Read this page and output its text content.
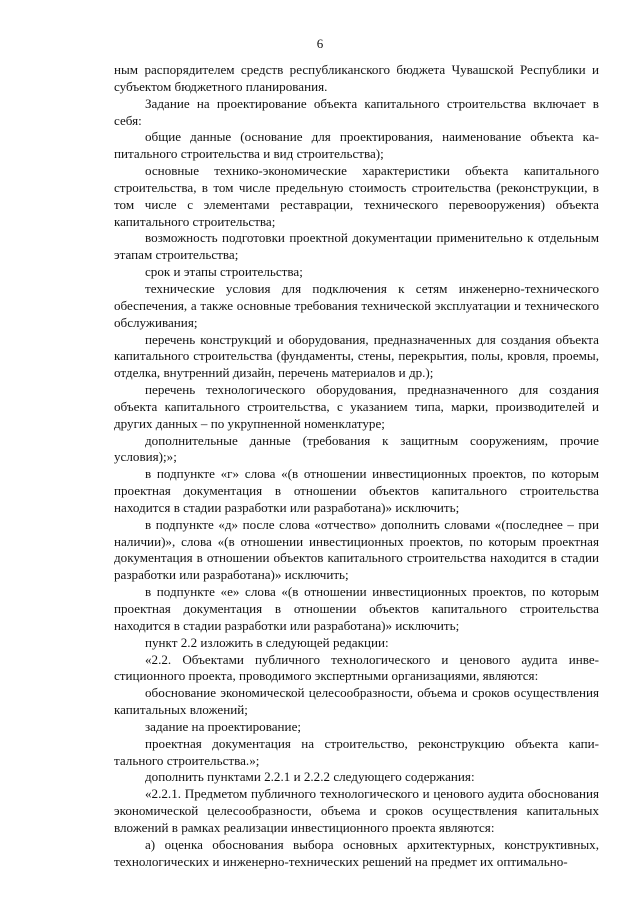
6

ным распорядителем средств республиканского бюджета Чувашской Республики и субъектом бюджетного планирования.

Задание на проектирование объекта капитального строительства включает в себя:

общие данные (основание для проектирования, наименование объекта капитального строительства и вид строительства);

основные технико-экономические характеристики объекта капитального строительства, в том числе предельную стоимость строительства (реконструкции, в том числе с элементами реставрации, технического перевооружения) объекта капитального строительства;

возможность подготовки проектной документации применительно к отдельным этапам строительства;

срок и этапы строительства;

технические условия для подключения к сетям инженерно-технического обеспечения, а также основные требования технической эксплуатации и технического обслуживания;

перечень конструкций и оборудования, предназначенных для создания объекта капитального строительства (фундаменты, стены, перекрытия, полы, кровля, проемы, отделка, внутренний дизайн, перечень материалов и др.);

перечень технологического оборудования, предназначенного для создания объекта капитального строительства, с указанием типа, марки, производителей и других данных – по укрупненной номенклатуре;

дополнительные данные (требования к защитным сооружениям, прочие условия);»;

в подпункте «г» слова «(в отношении инвестиционных проектов, по которым проектная документация в отношении объектов капитального строительства находится в стадии разработки или разработана)» исключить;

в подпункте «д» после слова «отчество» дополнить словами «(последнее – при наличии)», слова «(в отношении инвестиционных проектов, по которым проектная документация в отношении объектов капитального строительства находится в стадии разработки или разработана)» исключить;

в подпункте «е» слова «(в отношении инвестиционных проектов, по которым проектная документация в отношении объектов капитального строительства находится в стадии разработки или разработана)» исключить;

пункт 2.2 изложить в следующей редакции:

«2.2. Объектами публичного технологического и ценового аудита инвестиционного проекта, проводимого экспертными организациями, являются:

обоснование экономической целесообразности, объема и сроков осуществления капитальных вложений;

задание на проектирование;

проектная документация на строительство, реконструкцию объекта капитального строительства.»;

дополнить пунктами 2.2.1 и 2.2.2 следующего содержания:

«2.2.1. Предметом публичного технологического и ценового аудита обоснования экономической целесообразности, объема и сроков осуществления капитальных вложений в рамках реализации инвестиционного проекта являются:

а) оценка обоснования выбора основных архитектурных, конструктивных, технологических и инженерно-технических решений на предмет их оптимально-
